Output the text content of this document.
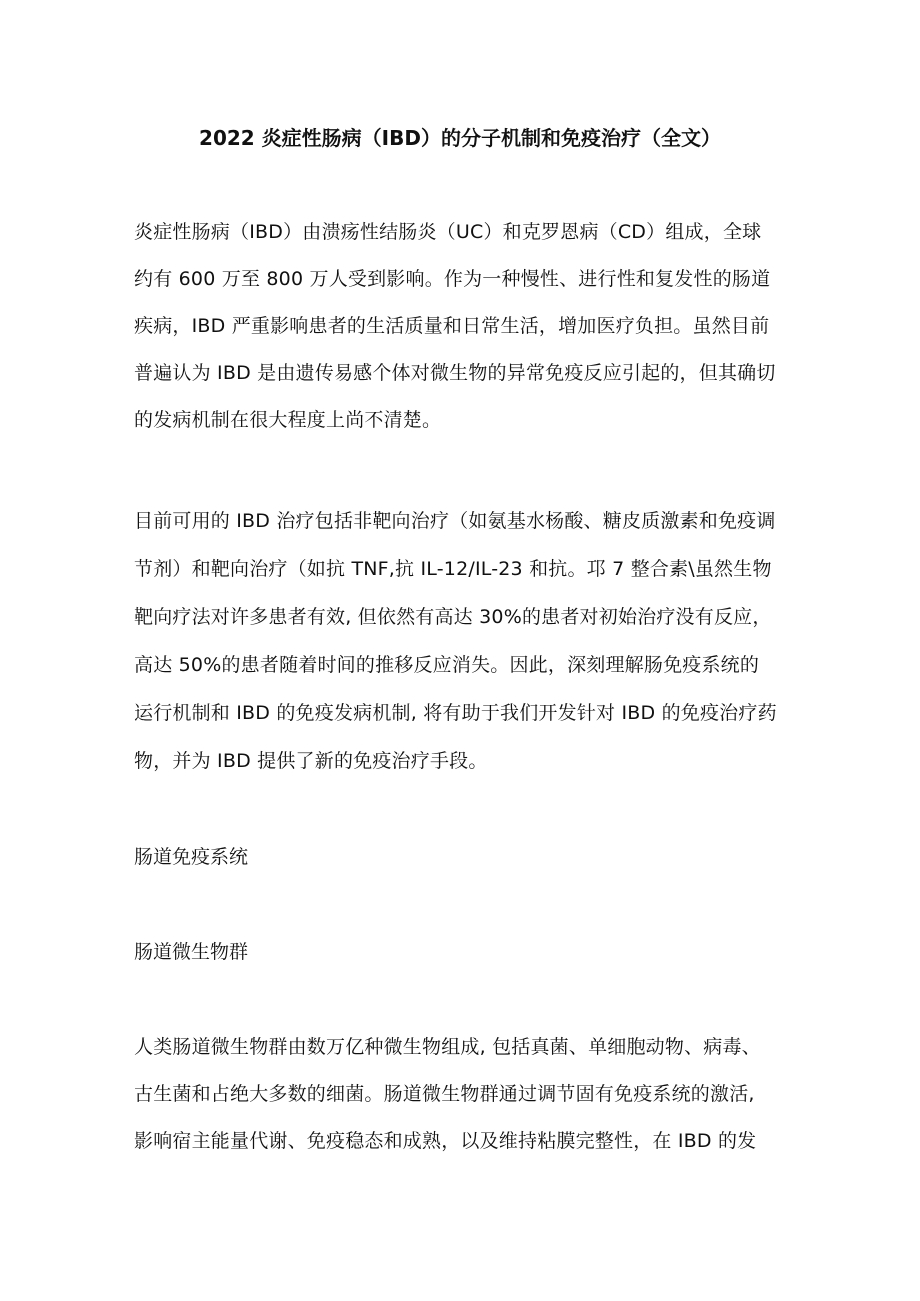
2022 炎症性肠病（IBD）的分子机制和免疫治疗（全文）
炎症性肠病（IBD）由溃疡性结肠炎（UC）和克罗恩病（CD）组成，全球
约有 600 万至 800 万人受到影响。作为一种慢性、进行性和复发性的肠道
疾病，IBD 严重影响患者的生活质量和日常生活，增加医疗负担。虽然目前
普遍认为 IBD 是由遗传易感个体对微生物的异常免疫反应引起的，但其确切
的发病机制在很大程度上尚不清楚。
目前可用的 IBD 治疗包括非靶向治疗（如氨基水杨酸、糖皮质激素和免疫调
节剂）和靶向治疗（如抗 TNF,抗 IL-12/IL-23 和抗。邛 7 整合素\虽然生物
靶向疗法对许多患者有效, 但依然有高达 30%的患者对初始治疗没有反应，
高达 50%的患者随着时间的推移反应消失。因此，深刻理解肠免疫系统的
运行机制和 IBD 的免疫发病机制, 将有助于我们开发针对 IBD 的免疫治疗药
物，并为 IBD 提供了新的免疫治疗手段。
肠道免疫系统
肠道微生物群
人类肠道微生物群由数万亿种微生物组成, 包括真菌、单细胞动物、病毒、
古生菌和占绝大多数的细菌。肠道微生物群通过调节固有免疫系统的激活,
影响宿主能量代谢、免疫稳态和成熟，以及维持粘膜完整性，在 IBD 的发
